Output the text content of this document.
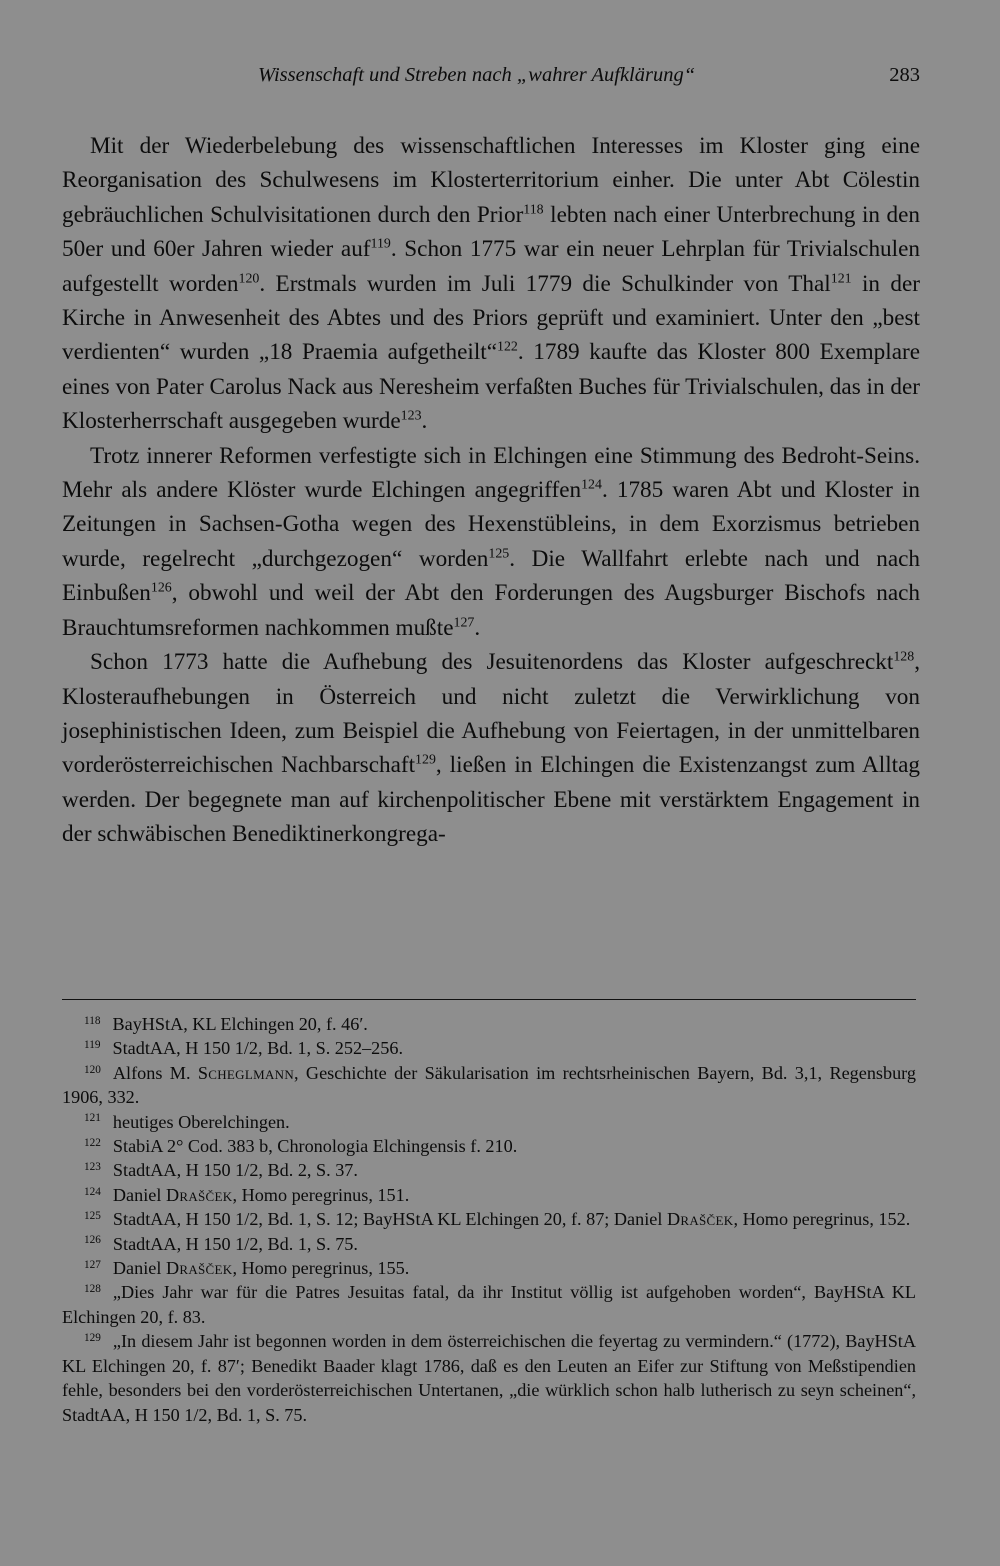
Wissenschaft und Streben nach „wahrer Aufklärung“	283

Mit der Wiederbelebung des wissenschaftlichen Interesses im Kloster ging eine Reorganisation des Schulwesens im Klosterterritorium einher. Die unter Abt Cölestin gebräuchlichen Schulvisitationen durch den Prior$^{118}$ lebten nach einer Unterbrechung in den 50er und 60er Jahren wieder auf$^{119}$. Schon 1775 war ein neuer Lehrplan für Trivialschulen aufgestellt worden$^{120}$. Erstmals wurden im Juli 1779 die Schulkinder von Thal$^{121}$ in der Kirche in Anwesenheit des Abtes und des Priors geprüft und examiniert. Unter den „best verdienten“ wurden „18 Praemia aufgetheilt“$^{122}$. 1789 kaufte das Kloster 800 Exemplare eines von Pater Carolus Nack aus Neresheim verfaßten Buches für Trivialschulen, das in der Klosterherrschaft ausgegeben wurde$^{123}$.

Trotz innerer Reformen verfestigte sich in Elchingen eine Stimmung des Bedroht-Seins. Mehr als andere Klöster wurde Elchingen angegriffen$^{124}$. 1785 waren Abt und Kloster in Zeitungen in Sachsen-Gotha wegen des Hexenstübleins, in dem Exorzismus betrieben wurde, regelrecht „durchgezogen“ worden$^{125}$. Die Wallfahrt erlebte nach und nach Einbußen$^{126}$, obwohl und weil der Abt den Forderungen des Augsburger Bischofs nach Brauchtumsreformen nachkommen mußte$^{127}$.

Schon 1773 hatte die Aufhebung des Jesuitenordens das Kloster aufgeschreckt$^{128}$, Klosteraufhebungen in Österreich und nicht zuletzt die Verwirklichung von josephinistischen Ideen, zum Beispiel die Aufhebung von Feiertagen, in der unmittelbaren vorderösterreichischen Nachbarschaft$^{129}$, ließen in Elchingen die Existenzangst zum Alltag werden. Der begegnete man auf kirchenpolitischer Ebene mit verstärktem Engagement in der schwäbischen Benediktinerkongrega-

$^{118}$ BayHStA, KL Elchingen 20, f. 46′.

$^{119}$ StadtAA, H 150 1/2, Bd. 1, S. 252–256.

$^{120}$ Alfons M. Scheglmann, Geschichte der Säkularisation im rechtsrheinischen Bayern, Bd. 3,1, Regensburg 1906, 332.

$^{121}$ heutiges Oberelchingen.

$^{122}$ StabiA 2° Cod. 383 b, Chronologia Elchingensis f. 210.

$^{123}$ StadtAA, H 150 1/2, Bd. 2, S. 37.

$^{124}$ Daniel Drašček, Homo peregrinus, 151.

$^{125}$ StadtAA, H 150 1/2, Bd. 1, S. 12; BayHStA KL Elchingen 20, f. 87; Daniel Drašček, Homo peregrinus, 152.

$^{126}$ StadtAA, H 150 1/2, Bd. 1, S. 75.

$^{127}$ Daniel Drašček, Homo peregrinus, 155.

$^{128}$ „Dies Jahr war für die Patres Jesuitas fatal, da ihr Institut völlig ist aufgehoben worden“, BayHStA KL Elchingen 20, f. 83.

$^{129}$ „In diesem Jahr ist begonnen worden in dem österreichischen die feyertag zu vermindern.“ (1772), BayHStA KL Elchingen 20, f. 87′; Benedikt Baader klagt 1786, daß es den Leuten an Eifer zur Stiftung von Meßstipendien fehle, besonders bei den vorderösterreichischen Untertanen, „die würklich schon halb lutherisch zu seyn scheinen“, StadtAA, H 150 1/2, Bd. 1, S. 75.
